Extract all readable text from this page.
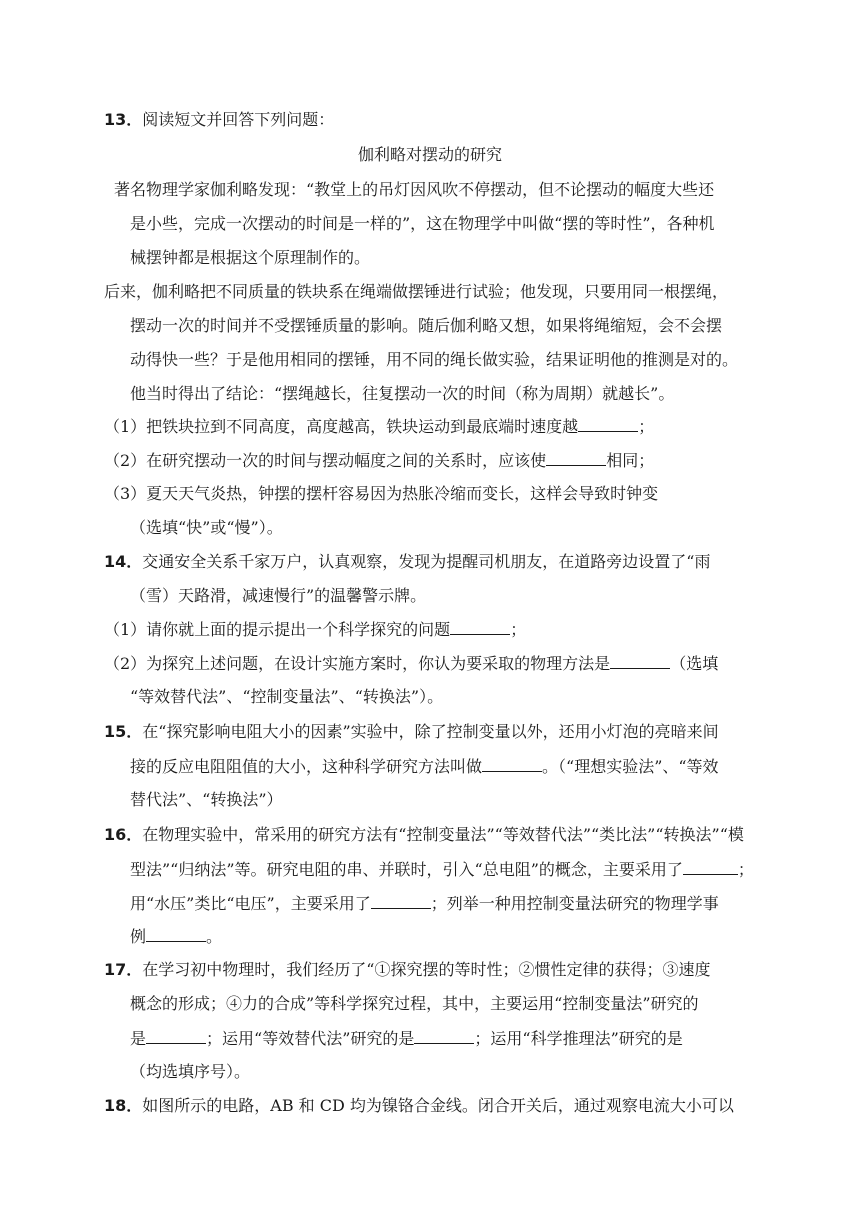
13．阅读短文并回答下列问题：
伽利略对摆动的研究
著名物理学家伽利略发现：“教堂上的吊灯因风吹不停摆动，但不论摆动的幅度大些还
是小些，完成一次摆动的时间是一样的”，这在物理学中叫做“摆的等时性”，各种机
械摆钟都是根据这个原理制作的。
后来，伽利略把不同质量的铁块系在绳端做摆锤进行试验；他发现，只要用同一根摆绳，
摆动一次的时间并不受摆锤质量的影响。随后伽利略又想，如果将绳缩短，会不会摆
动得快一些？于是他用相同的摆锤，用不同的绳长做实验，结果证明他的推测是对的。
他当时得出了结论：“摆绳越长，往复摆动一次的时间（称为周期）就越长”。
（1）把铁块拉到不同高度，高度越高，铁块运动到最底端时速度越	；
（2）在研究摆动一次的时间与摆动幅度之间的关系时，应该使	相同；
（3）夏天天气炎热，钟摆的摆杆容易因为热胀冷缩而变长，这样会导致时钟变
（选填“快”或“慢”）。
14．交通安全关系千家万户，认真观察，发现为提醒司机朋友，在道路旁边设置了“雨
（雪）天路滑，减速慢行”的温馨警示牌。
（1）请你就上面的提示提出一个科学探究的问题	；
（2）为探究上述问题，在设计实施方案时，你认为要采取的物理方法是	（选填
“等效替代法”、“控制变量法”、“转换法”）。
15．在“探究影响电阻大小的因素”实验中，除了控制变量以外，还用小灯泡的亮暗来间
接的反应电阻阻值的大小，这种科学研究方法叫做	。（“理想实验法”、“等效
替代法”、“转换法”）
16．在物理实验中，常采用的研究方法有“控制变量法”“等效替代法”“类比法”“转换法”“模
型法”“归纳法”等。研究电阻的串、并联时，引入“总电阻”的概念，主要采用了	；
用“水压”类比“电压”，主要采用了	；列举一种用控制变量法研究的物理学事
例	。
17．在学习初中物理时，我们经历了“①探究摆的等时性；②惯性定律的获得；③速度
概念的形成；④力的合成”等科学探究过程，其中，主要运用“控制变量法”研究的
是	；运用“等效替代法”研究的是	；运用“科学推理法”研究的是
（均选填序号）。
18．如图所示的电路，AB 和 CD 均为镍铬合金线。闭合开关后，通过观察电流大小可以
